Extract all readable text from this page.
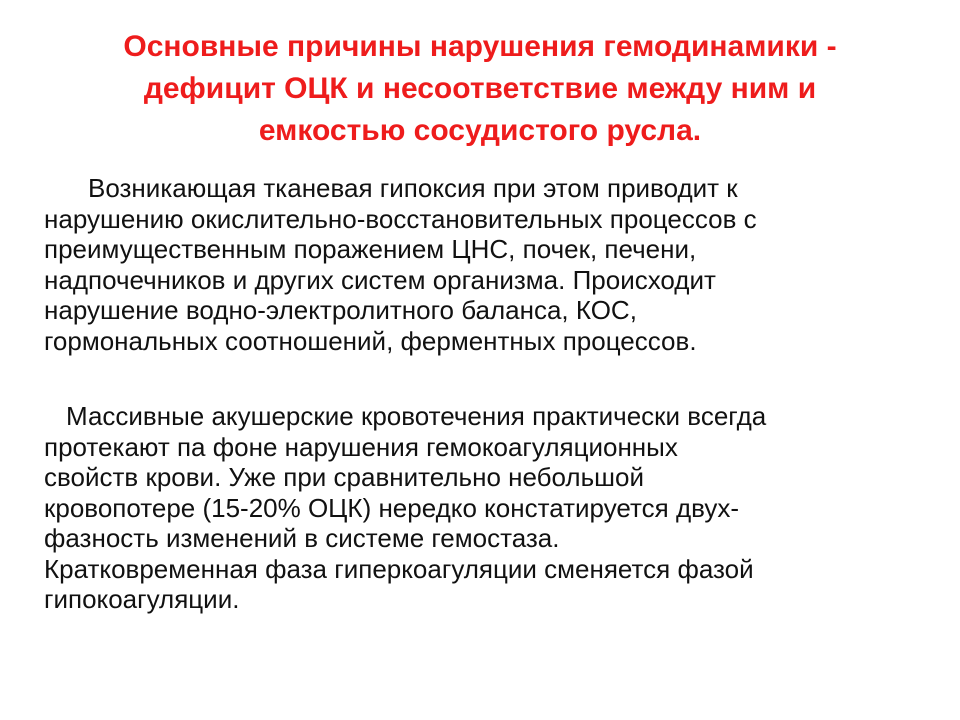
Основные причины нарушения гемодинамики -
дефицит ОЦК и несоответствие между ним и
емкостью сосудистого русла.
Возникающая тканевая гипоксия при этом приводит к
нарушению окислительно-восстановительных процессов с
преимущественным поражением ЦНС, почек, печени,
надпочечников и других систем организма. Происходит
нарушение водно-электролитного баланса, КОС,
гормональных соотношений, ферментных процессов.
Массивные акушерские кровотечения практически всегда
протекают па фоне нарушения гемокоагуляционных
свойств крови. Уже при сравнительно небольшой
кровопотере (15-20% ОЦК) нередко констатируется двух-
фазность изменений в системе гемостаза.
Кратковременная фаза гиперкоагуляции сменяется фазой
гипокоагуляции.
